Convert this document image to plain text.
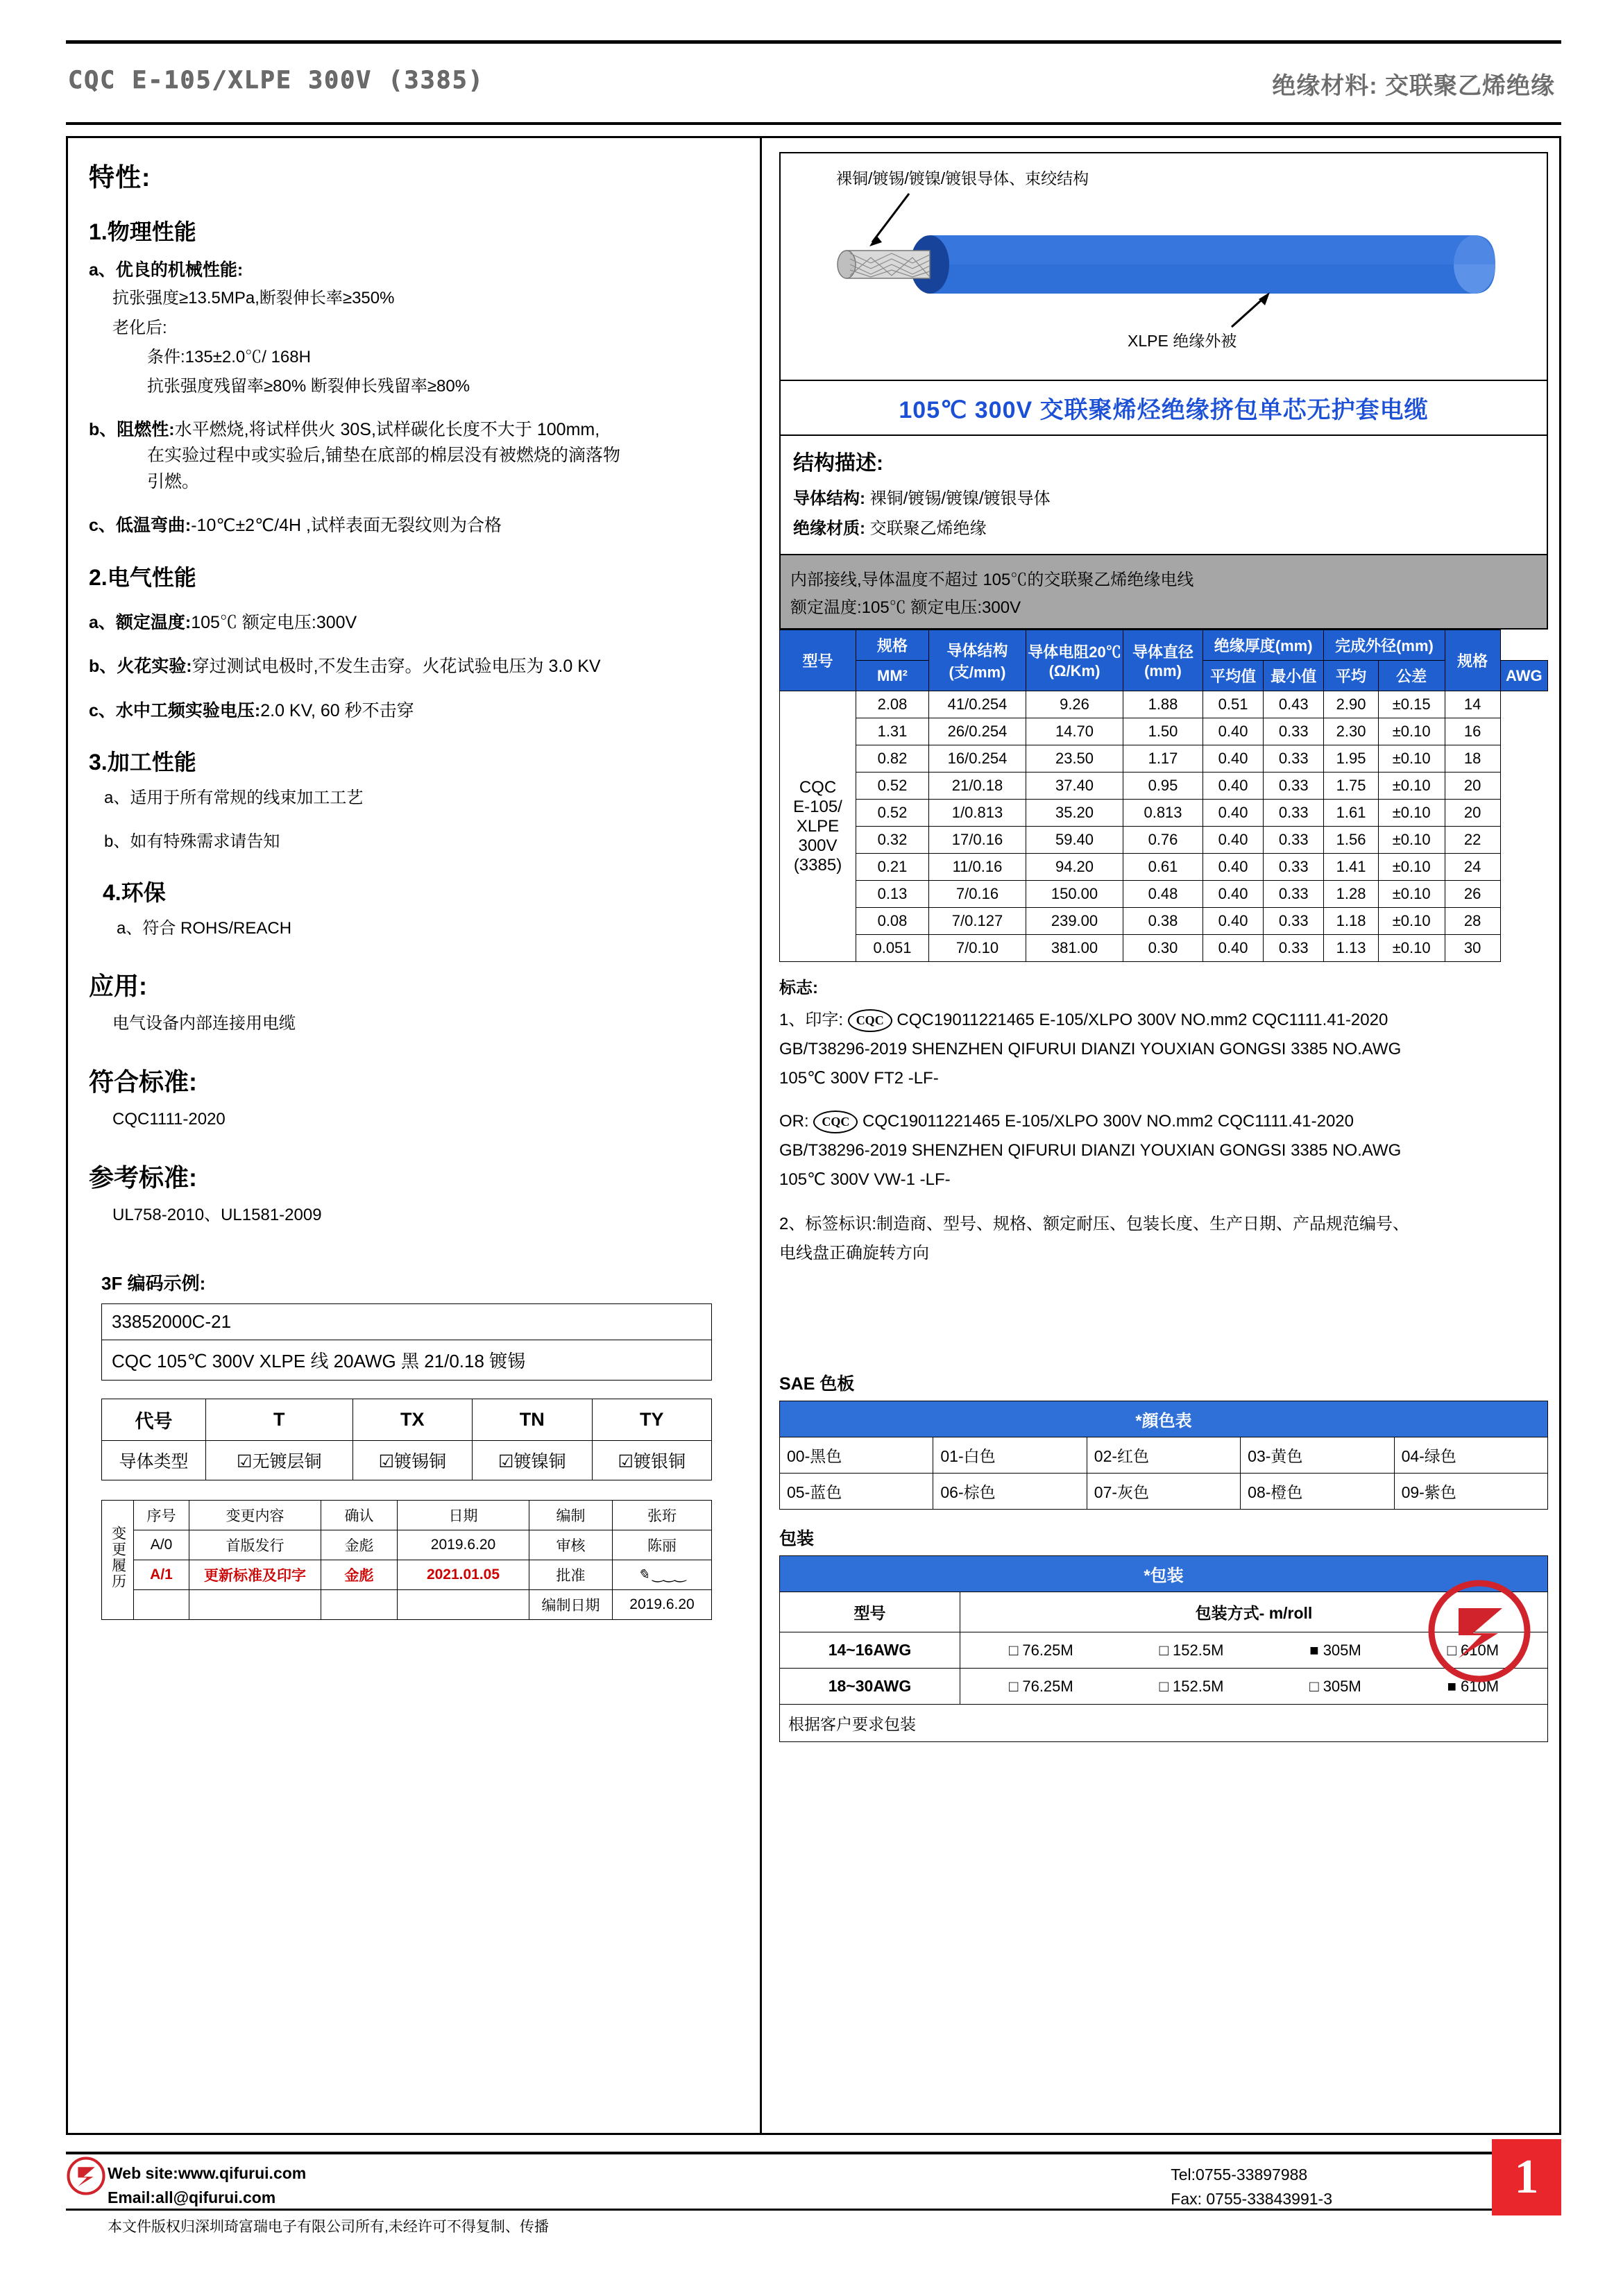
CQC E-105/XLPE 300V (3385)	绝缘材料: 交联聚乙烯绝缘
特性:
1.物理性能
a、优良的机械性能:
抗张强度≥13.5MPa,断裂伸长率≥350%
老化后:
条件:135±2.0℃/ 168H
抗张强度残留率≥80% 断裂伸长残留率≥80%
b、阻燃性:水平燃烧,将试样供火 30S,试样碳化长度不大于 100mm,
在实验过程中或实验后,铺垫在底部的棉层没有被燃烧的滴落物
引燃。
c、低温弯曲:-10℃±2℃/4H ,试样表面无裂纹则为合格
2.电气性能
a、额定温度:105℃ 额定电压:300V
b、火花实验:穿过测试电极时,不发生击穿。火花试验电压为 3.0 KV
c、水中工频实验电压:2.0 KV, 60 秒不击穿
3.加工性能
a、适用于所有常规的线束加工工艺
b、如有特殊需求请告知
4.环保
a、符合 ROHS/REACH
应用:
电气设备内部连接用电缆
符合标准:
CQC1111-2020
参考标准:
UL758-2010、UL1581-2009
3F 编码示例:
33852000C-21
CQC 105℃ 300V XLPE 线 20AWG 黑 21/0.18 镀锡
代号	T	TX	TN	TY
导体类型	☑无镀层铜	☑镀锡铜	☑镀镍铜	☑镀银铜
变更履历	序号	变更内容	确认	日期	编制	张珩
	A/0	首版发行	金彪	2019.6.20	审核	陈丽
	A/1	更新标准及印字	金彪	2021.01.05	批准	✎ ‿‿‿
					编制日期	2019.6.20
裸铜/镀锡/镀镍/镀银导体、束绞结构
XLPE 绝缘外被
105℃ 300V 交联聚烯烃绝缘挤包单芯无护套电缆
结构描述:

导体结构: 裸铜/镀锡/镀镍/镀银导体

绝缘材质: 交联聚乙烯绝缘

内部接线,导体温度不超过 105℃的交联聚乙烯绝缘电线
额定温度:105℃ 额定电压:300V
型号	规格	导体结构(支/mm)	导体电阻20℃(Ω/Km)	导体直径(mm)	绝缘厚度(mm)		完成外径(mm)		规格	
	MM²				平均值	最小值	平均	公差		AWG

CQC
E-105/
XLPE
300V
(3385)	2.08	41/0.254	9.26	1.88	0.51	0.43	2.90	±0.15	14	
	1.31	26/0.254	14.70	1.50	0.40	0.33	2.30	±0.10	16	
	0.82	16/0.254	23.50	1.17	0.40	0.33	1.95	±0.10	18	
	0.52	21/0.18	37.40	0.95	0.40	0.33	1.75	±0.10	20	
	0.52	1/0.813	35.20	0.813	0.40	0.33	1.61	±0.10	20	
	0.32	17/0.16	59.40	0.76	0.40	0.33	1.56	±0.10	22	
	0.21	11/0.16	94.20	0.61	0.40	0.33	1.41	±0.10	24	
	0.13	7/0.16	150.00	0.48	0.40	0.33	1.28	±0.10	26	
	0.08	7/0.127	239.00	0.38	0.40	0.33	1.18	±0.10	28	
	0.051	7/0.10	381.00	0.30	0.40	0.33	1.13	±0.10	30	
标志:

1、印字: CQC CQC19011221465 E-105/XLPO 300V NO.mm2 CQC1111.41-2020

GB/T38296-2019 SHENZHEN QIFURUI DIANZI YOUXIAN GONGSI 3385 NO.AWG

105℃ 300V FT2 -LF-

OR: CQC CQC19011221465 E-105/XLPO 300V NO.mm2 CQC1111.41-2020

GB/T38296-2019 SHENZHEN QIFURUI DIANZI YOUXIAN GONGSI 3385 NO.AWG

105℃ 300V VW-1 -LF-

2、标签标识:制造商、型号、规格、额定耐压、包装长度、生产日期、产品规范编号、

电线盘正确旋转方向

SAE 色板
*顔色表				
00-黑色	01-白色	02-红色	03-黄色	04-绿色
05-蓝色	06-棕色	07-灰色	08-橙色	09-紫色
包装
*包装	
型号	包装方式- m/roll
14~16AWG	□ 76.25M □ 152.5M ■ 305M □ 610M

18~30AWG	□ 76.25M □ 152.5M □ 305M ■ 610M
根据客户要求包装
Web site:www.qifurui.com
Email:all@qifurui.com
Tel:0755-33897988
Fax: 0755-33843991-3	1
本文件版权归深圳琦富瑞电子有限公司所有,未经许可不得复制、传播
